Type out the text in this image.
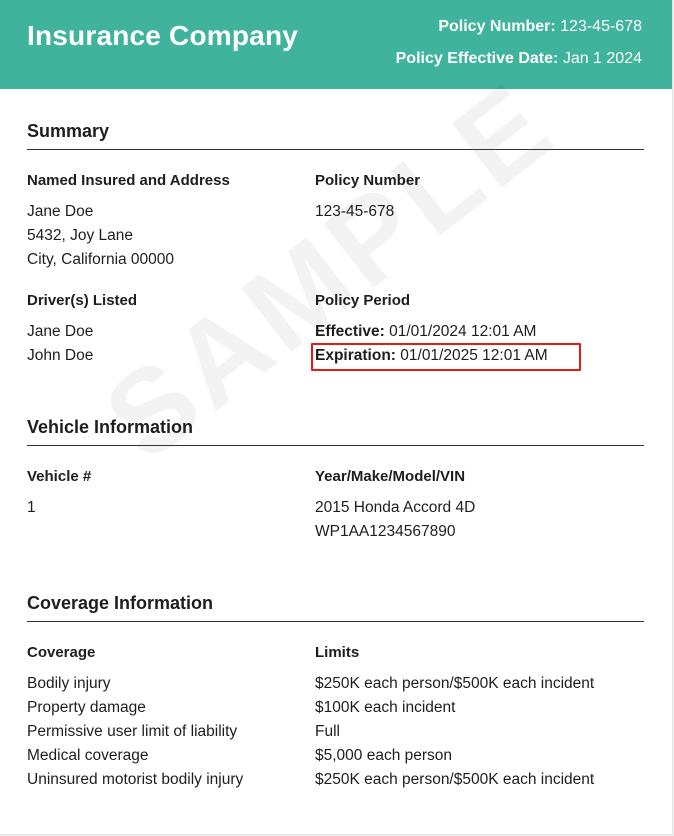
Insurance Company	Policy Number: 123-45-678
Policy Effective Date: Jan 1 2024
Summary
Named Insured and Address
Jane Doe
5432, Joy Lane
City, California 00000
Policy Number
123-45-678
Driver(s) Listed
Jane Doe
John Doe
Policy Period
Effective: 01/01/2024 12:01 AM
Expiration: 01/01/2025 12:01 AM
Vehicle Information
Vehicle #
1
Year/Make/Model/VIN
2015 Honda Accord 4D
WP1AA1234567890
Coverage Information
Coverage	Limits
Bodily injury
Property damage
Permissive user limit of liability
Medical coverage
Uninsured motorist bodily injury
$250K each person/$500K each incident
$100K each incident
Full
$5,000 each person
$250K each person/$500K each incident
